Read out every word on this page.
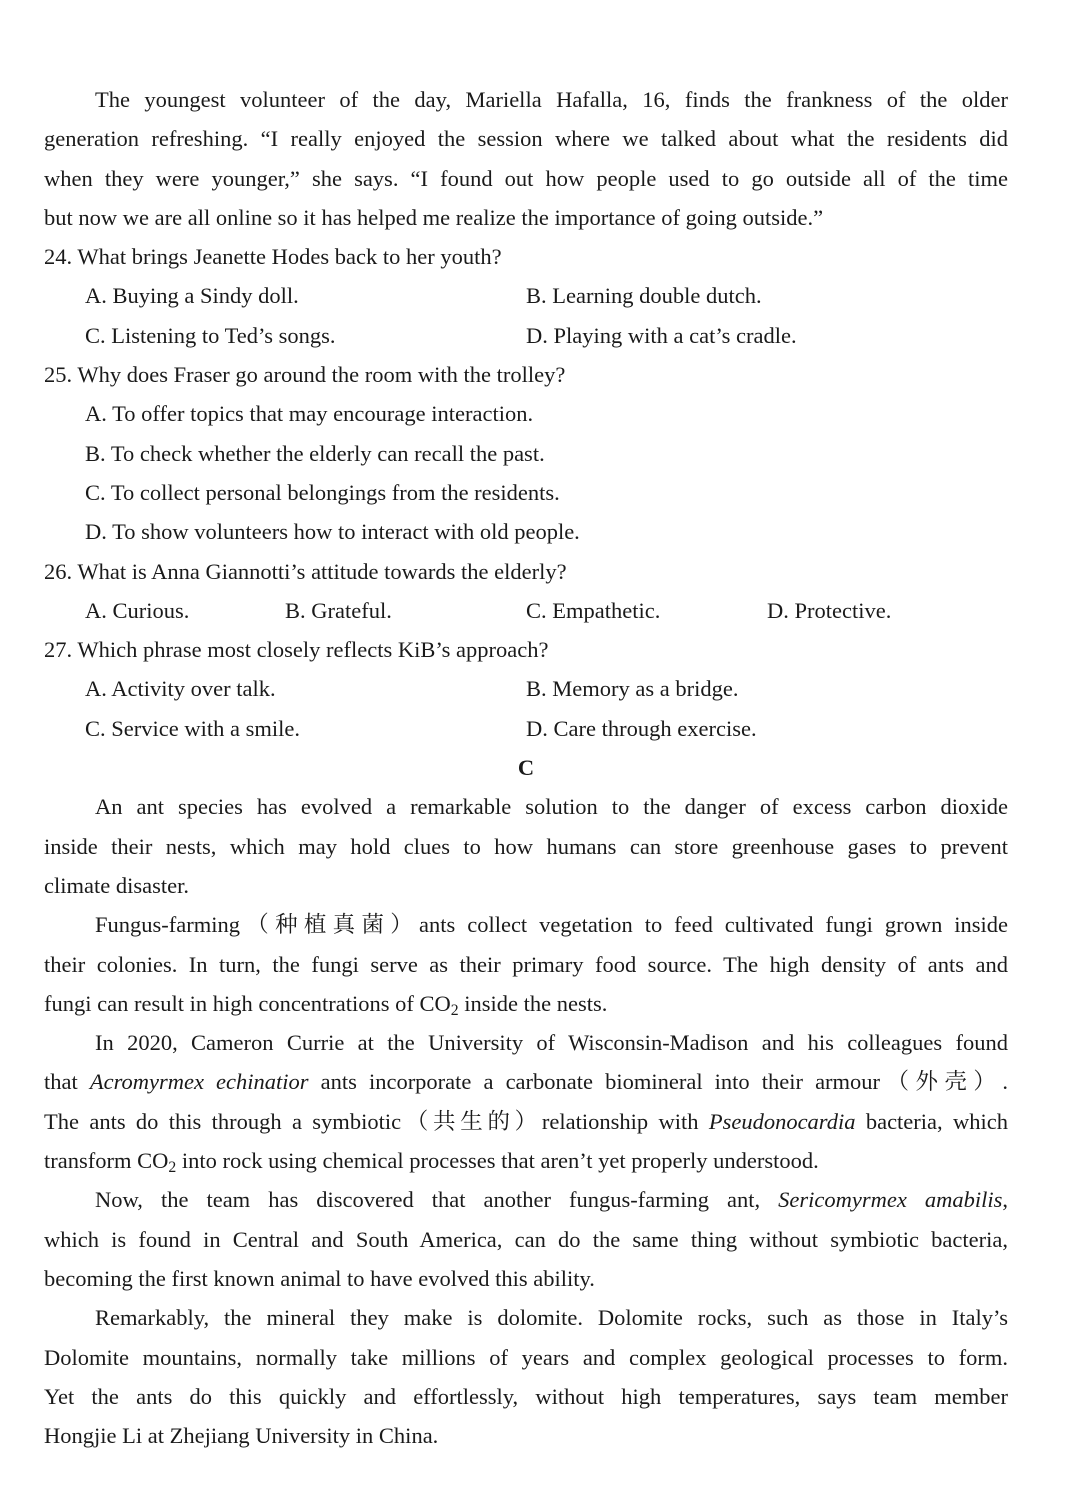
The youngest volunteer of the day, Mariella Hafalla, 16, finds the frankness of the older
generation refreshing. “I really enjoyed the session where we talked about what the residents did
when they were younger,” she says. “I found out how people used to go outside all of the time
but now we are all online so it has helped me realize the importance of going outside.”
24. What brings Jeanette Hodes back to her youth?
A. Buying a Sindy doll.	B. Learning double dutch.
C. Listening to Ted’s songs.	D. Playing with a cat’s cradle.
25. Why does Fraser go around the room with the trolley?
A. To offer topics that may encourage interaction.
B. To check whether the elderly can recall the past.
C. To collect personal belongings from the residents.
D. To show volunteers how to interact with old people.
26. What is Anna Giannotti’s attitude towards the elderly?
A. Curious.	B. Grateful.	C. Empathetic.	D. Protective.
27. Which phrase most closely reflects KiB’s approach?
A. Activity over talk.	B. Memory as a bridge.
C. Service with a smile.	D. Care through exercise.
C
An ant species has evolved a remarkable solution to the danger of excess carbon dioxide
inside their nests, which may hold clues to how humans can store greenhouse gases to prevent
climate disaster.
Fungus-farming（种植真菌）ants collect vegetation to feed cultivated fungi grown inside
their colonies. In turn, the fungi serve as their primary food source. The high density of ants and
fungi can result in high concentrations of $CO_2$ inside the nests.
In 2020, Cameron Currie at the University of Wisconsin-Madison and his colleagues found
that Acromyrmex echinatior ants incorporate a carbonate biomineral into their armour（外壳）.
The ants do this through a symbiotic（共生的）relationship with Pseudonocardia bacteria, which
transform $CO_2$ into rock using chemical processes that aren’t yet properly understood.
Now, the team has discovered that another fungus-farming ant, Sericomyrmex amabilis,
which is found in Central and South America, can do the same thing without symbiotic bacteria,
becoming the first known animal to have evolved this ability.
Remarkably, the mineral they make is dolomite. Dolomite rocks, such as those in Italy’s
Dolomite mountains, normally take millions of years and complex geological processes to form.
Yet the ants do this quickly and effortlessly, without high temperatures, says team member
Hongjie Li at Zhejiang University in China.
